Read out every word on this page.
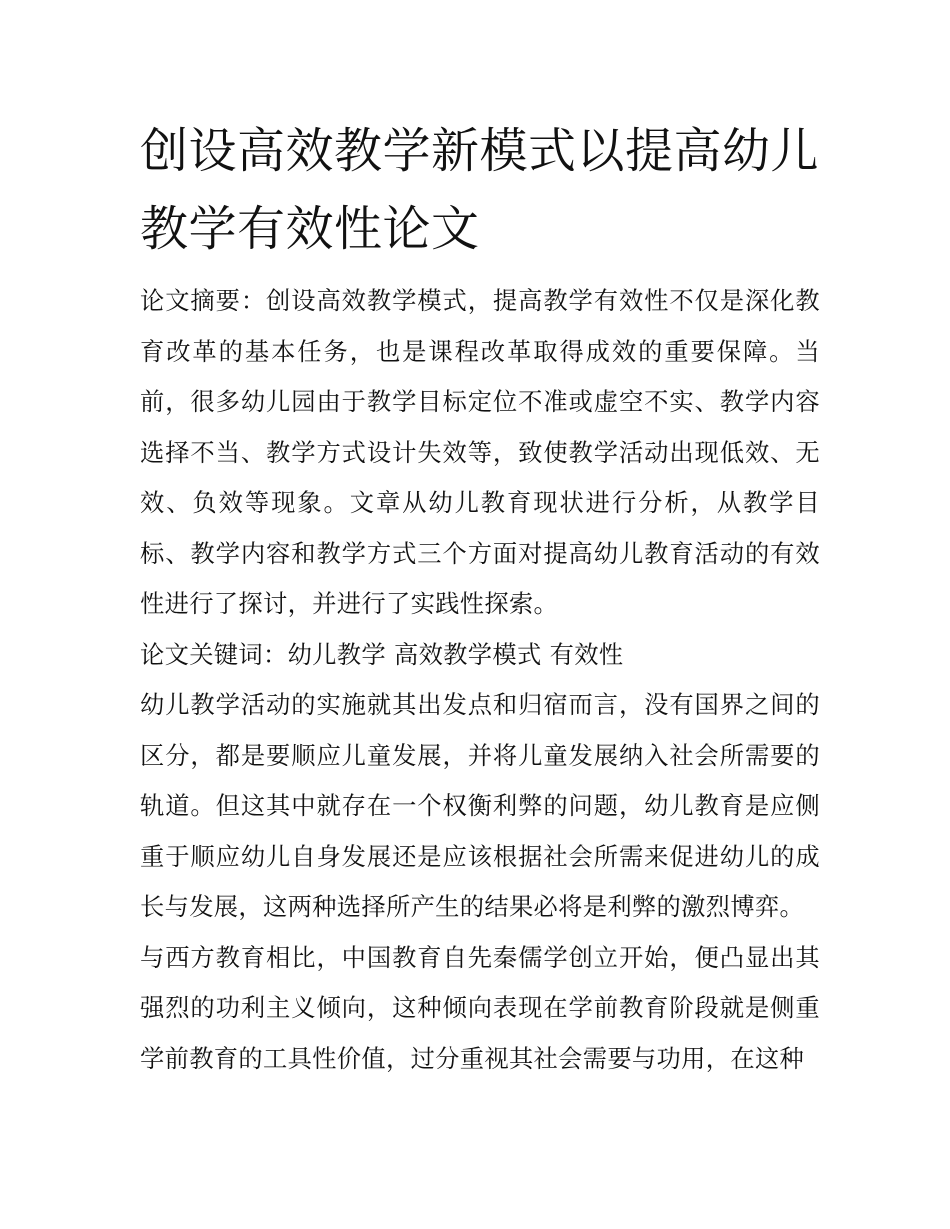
创设高效教学新模式以提高幼儿教学有效性论文

论文摘要：创设高效教学模式，提高教学有效性不仅是深化教育改革的基本任务，也是课程改革取得成效的重要保障。当前，很多幼儿园由于教学目标定位不准或虚空不实、教学内容选择不当、教学方式设计失效等，致使教学活动出现低效、无效、负效等现象。文章从幼儿教育现状进行分析，从教学目标、教学内容和教学方式三个方面对提高幼儿教育活动的有效性进行了探讨，并进行了实践性探索。

论文关键词：幼儿教学 高效教学模式 有效性

幼儿教学活动的实施就其出发点和归宿而言，没有国界之间的区分，都是要顺应儿童发展，并将儿童发展纳入社会所需要的轨道。但这其中就存在一个权衡利弊的问题，幼儿教育是应侧重于顺应幼儿自身发展还是应该根据社会所需来促进幼儿的成长与发展，这两种选择所产生的结果必将是利弊的激烈博弈。

与西方教育相比，中国教育自先秦儒学创立开始，便凸显出其强烈的功利主义倾向，这种倾向表现在学前教育阶段就是侧重学前教育的工具性价值，过分重视其社会需要与功用，在这种
